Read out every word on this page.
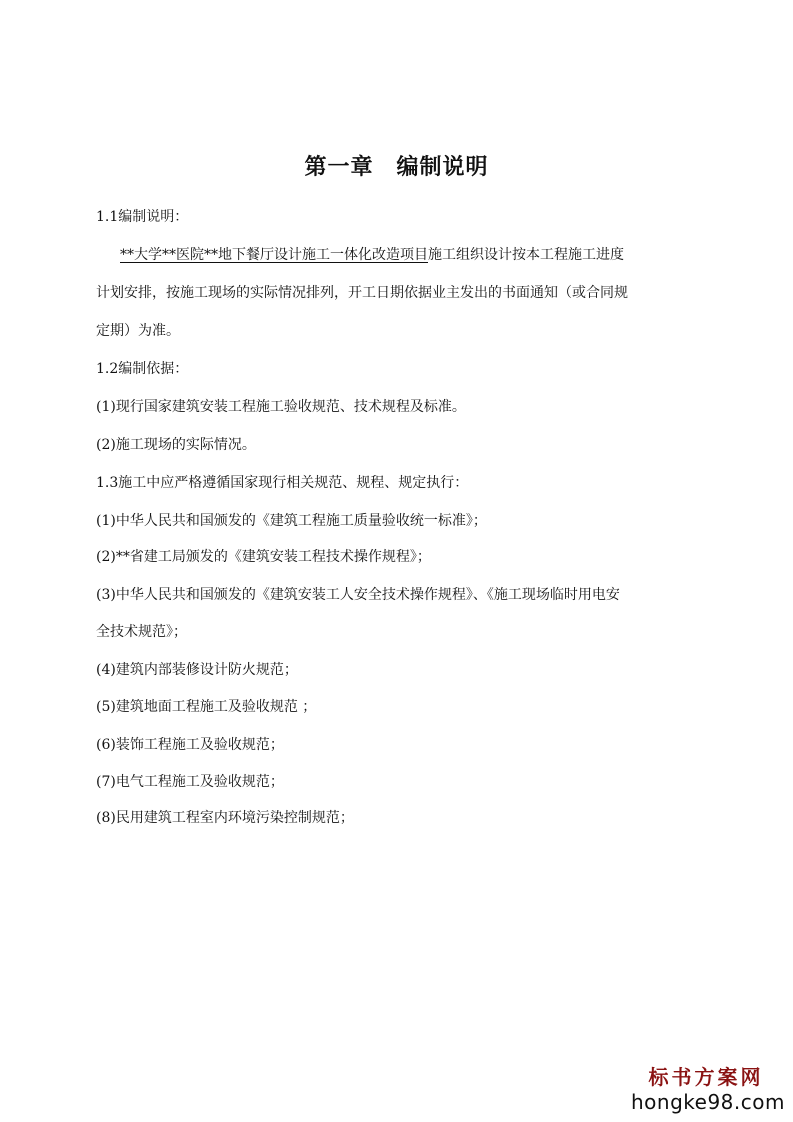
第一章　编制说明
1.1编制说明：
**大学**医院**地下餐厅设计施工一体化改造项目施工组织设计按本工程施工进度
计划安排，按施工现场的实际情况排列，开工日期依据业主发出的书面通知（或合同规
定期）为准。
1.2编制依据：
(1)现行国家建筑安装工程施工验收规范、技术规程及标准。
(2)施工现场的实际情况。
1.3施工中应严格遵循国家现行相关规范、规程、规定执行：
(1)中华人民共和国颁发的《建筑工程施工质量验收统一标准》；
(2)**省建工局颁发的《建筑安装工程技术操作规程》；
(3)中华人民共和国颁发的《建筑安装工人安全技术操作规程》、《施工现场临时用电安
全技术规范》；
(4)建筑内部装修设计防火规范；
(5)建筑地面工程施工及验收规范 ；
(6)装饰工程施工及验收规范；
(7)电气工程施工及验收规范；
(8)民用建筑工程室内环境污染控制规范；
标书方案网
hongke98.com
